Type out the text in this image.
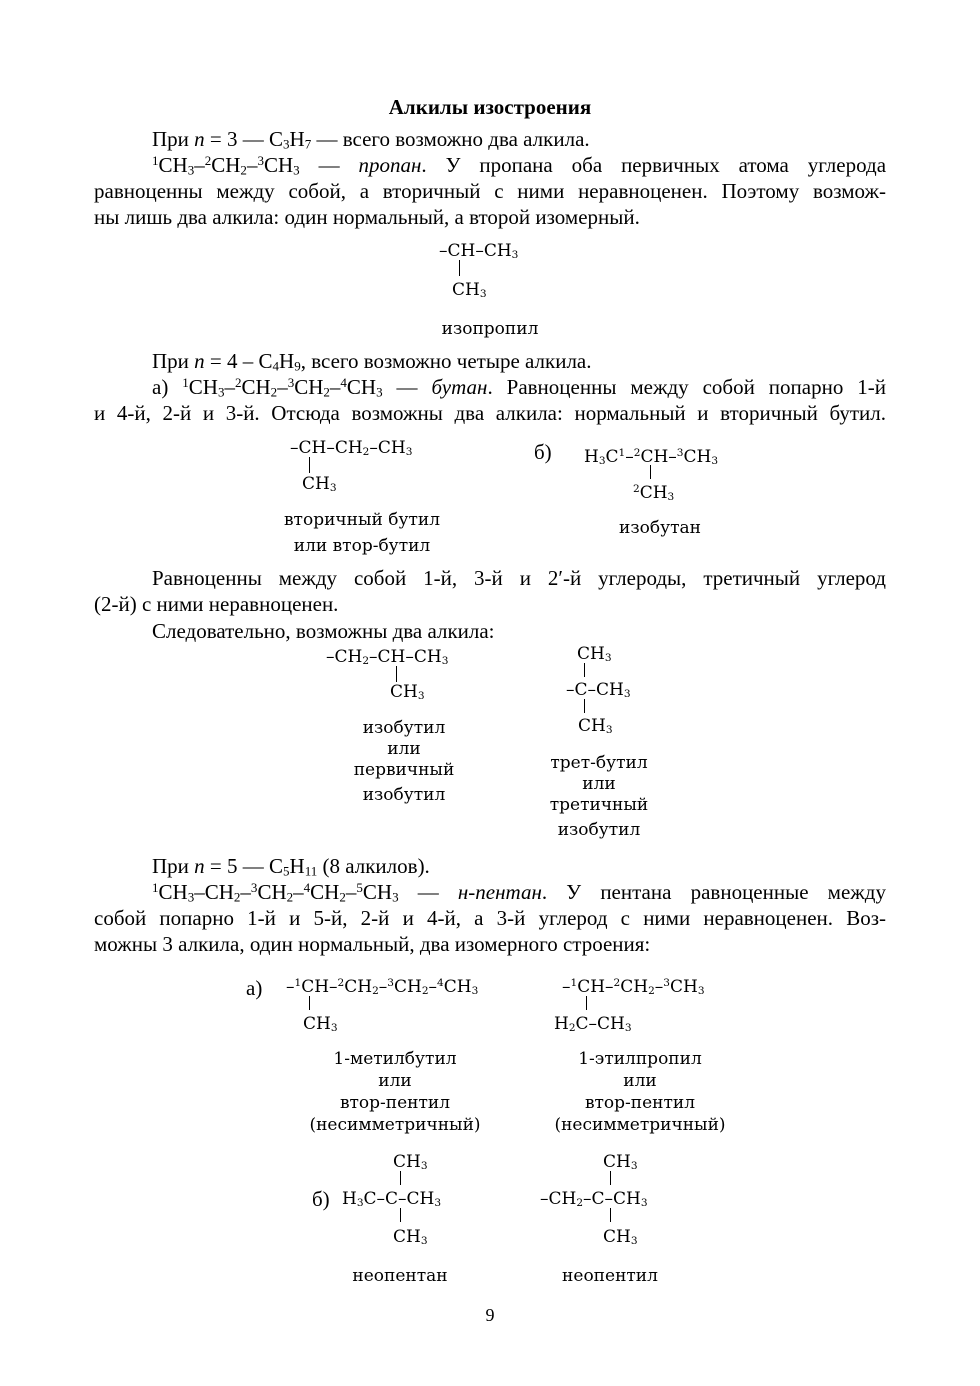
Алкилы изостроения
При n = 3 — $C_3H_7$ — всего возможно два алкила.
$^1CH_3-^2CH_2-^3CH_3$ — пропан. У пропана оба первичных атома углерода
равноценны между собой, а вторичный с ними неравноценен. Поэтому возмож-
ны лишь два алкила: один нормальный, а второй изомерный.
$-CH-CH_3$
$CH_3$
изопропил
При $n = 4 - C_4H_9$, всего возможно четыре алкила.
а) $^1CH_3-^2CH_2-^3CH_2-^4CH_3$ — бутан. Равноценны между собой попарно 1-й
и 4-й, 2-й и 3-й. Отсюда возможны два алкила: нормальный и вторичный бутил.
$-CH-CH_2-CH_3$
$CH_3$
вторичный бутил
или втор-бутил
б) $H_3C^1-^2CH-^3CH_3$
$^2CH_3$
изобутан
Равноценны между собой 1-й, 3-й и 2′-й углероды, третичный углерод
(2-й) с ними неравноценен.
Следовательно, возможны два алкила:
$-CH_2-CH-CH_3$
$CH_3$
изобутил
или
первичный
изобутил
$CH_3$
$-C-CH_3$
$CH_3$
трет-бутил
или
третичный
изобутил
При n = 5 — $C_5H_{11}$ (8 алкилов).
$^1CH_3-CH_2-^3CH_2-^4CH_2-^5CH_3$ — н-пентан. У пентана равноценные между
собой попарно 1-й и 5-й, 2-й и 4-й, а 3-й углерод с ними неравноценен. Воз-
можны 3 алкила, один нормальный, два изомерного строения:
а) $-^1CH-^2CH_2-^3CH_2-^4CH_3$
$CH_3$
1-метилбутил
или
втор-пентил
(несимметричный)
$-^1CH-^2CH_2-^3CH_3$
$H_2C-CH_3$
1-этилпропил
или
втор-пентил
(несимметричный)
$CH_3$
б) $H_3C-C-CH_3$
$CH_3$
неопентан
$CH_3$
$-CH_2-C-CH_3$
$CH_3$
неопентил
9
